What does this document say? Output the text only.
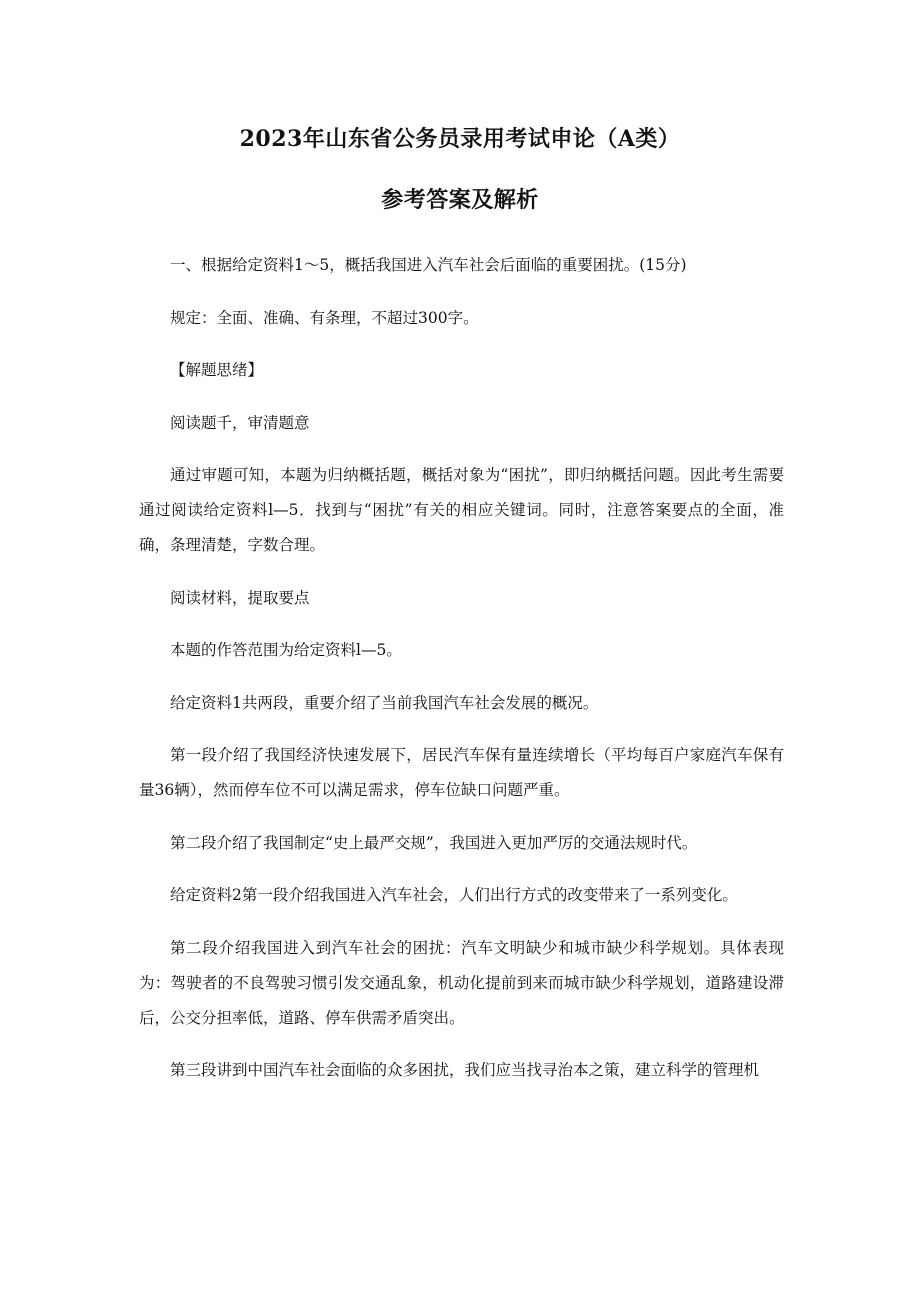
2023年山东省公务员录用考试申论（A类）
参考答案及解析

一、根据给定资料1～5，概括我国进入汽车社会后面临的重要困扰。(15分)

规定：全面、准确、有条理，不超过300字。

【解题思绪】

阅读题千，审清题意

通过审题可知，本题为归纳概括题，概括对象为“困扰”，即归纳概括问题。因此考生需要通过阅读给定资料l—5．找到与“困扰”有关的相应关键词。同时，注意答案要点的全面，准确，条理清楚，字数合理。

阅读材料，提取要点

本题的作答范围为给定资料l—5。

给定资料1共两段，重要介绍了当前我国汽车社会发展的概况。

第一段介绍了我国经济快速发展下，居民汽车保有量连续增长（平均每百户家庭汽车保有量36辆），然而停车位不可以满足需求，停车位缺口问题严重。

第二段介绍了我国制定“史上最严交规”，我国进入更加严厉的交通法规时代。

给定资料2第一段介绍我国进入汽车社会，人们出行方式的改变带来了一系列变化。

第二段介绍我国进入到汽车社会的困扰：汽车文明缺少和城市缺少科学规划。具体表现为：驾驶者的不良驾驶习惯引发交通乱象，机动化提前到来而城市缺少科学规划，道路建设滞后，公交分担率低，道路、停车供需矛盾突出。

第三段讲到中国汽车社会面临的众多困扰，我们应当找寻治本之策，建立科学的管理机
